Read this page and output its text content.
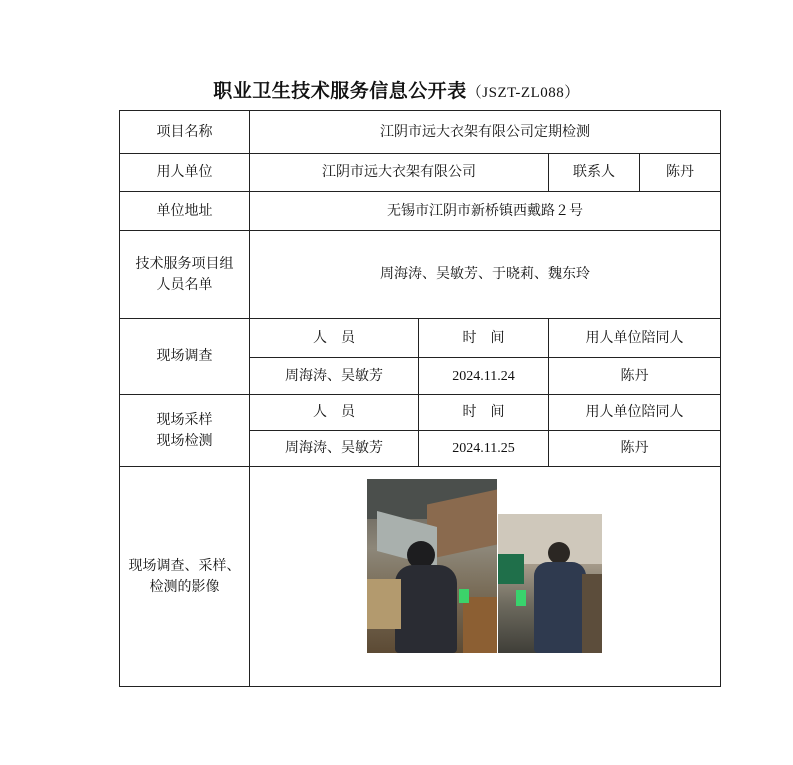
职业卫生技术服务信息公开表（JSZT-ZL088）
项目名称	江阴市远大衣架有限公司定期检测			
用人单位	江阴市远大衣架有限公司		联系人	陈丹
单位地址	无锡市江阴市新桥镇西戴路２号			
技术服务项目组人员名单	周海涛、吴敏芳、于晓莉、魏东玲			
现场调查	人　员	时　间	用人单位陪同人	
	周海涛、吴敏芳	2024.11.24	陈丹	

现场采样
现场检测	人　员	时　间	用人单位陪同人	
	周海涛、吴敏芳	2024.11.25	陈丹	
现场调查、采样、检测的影像				
